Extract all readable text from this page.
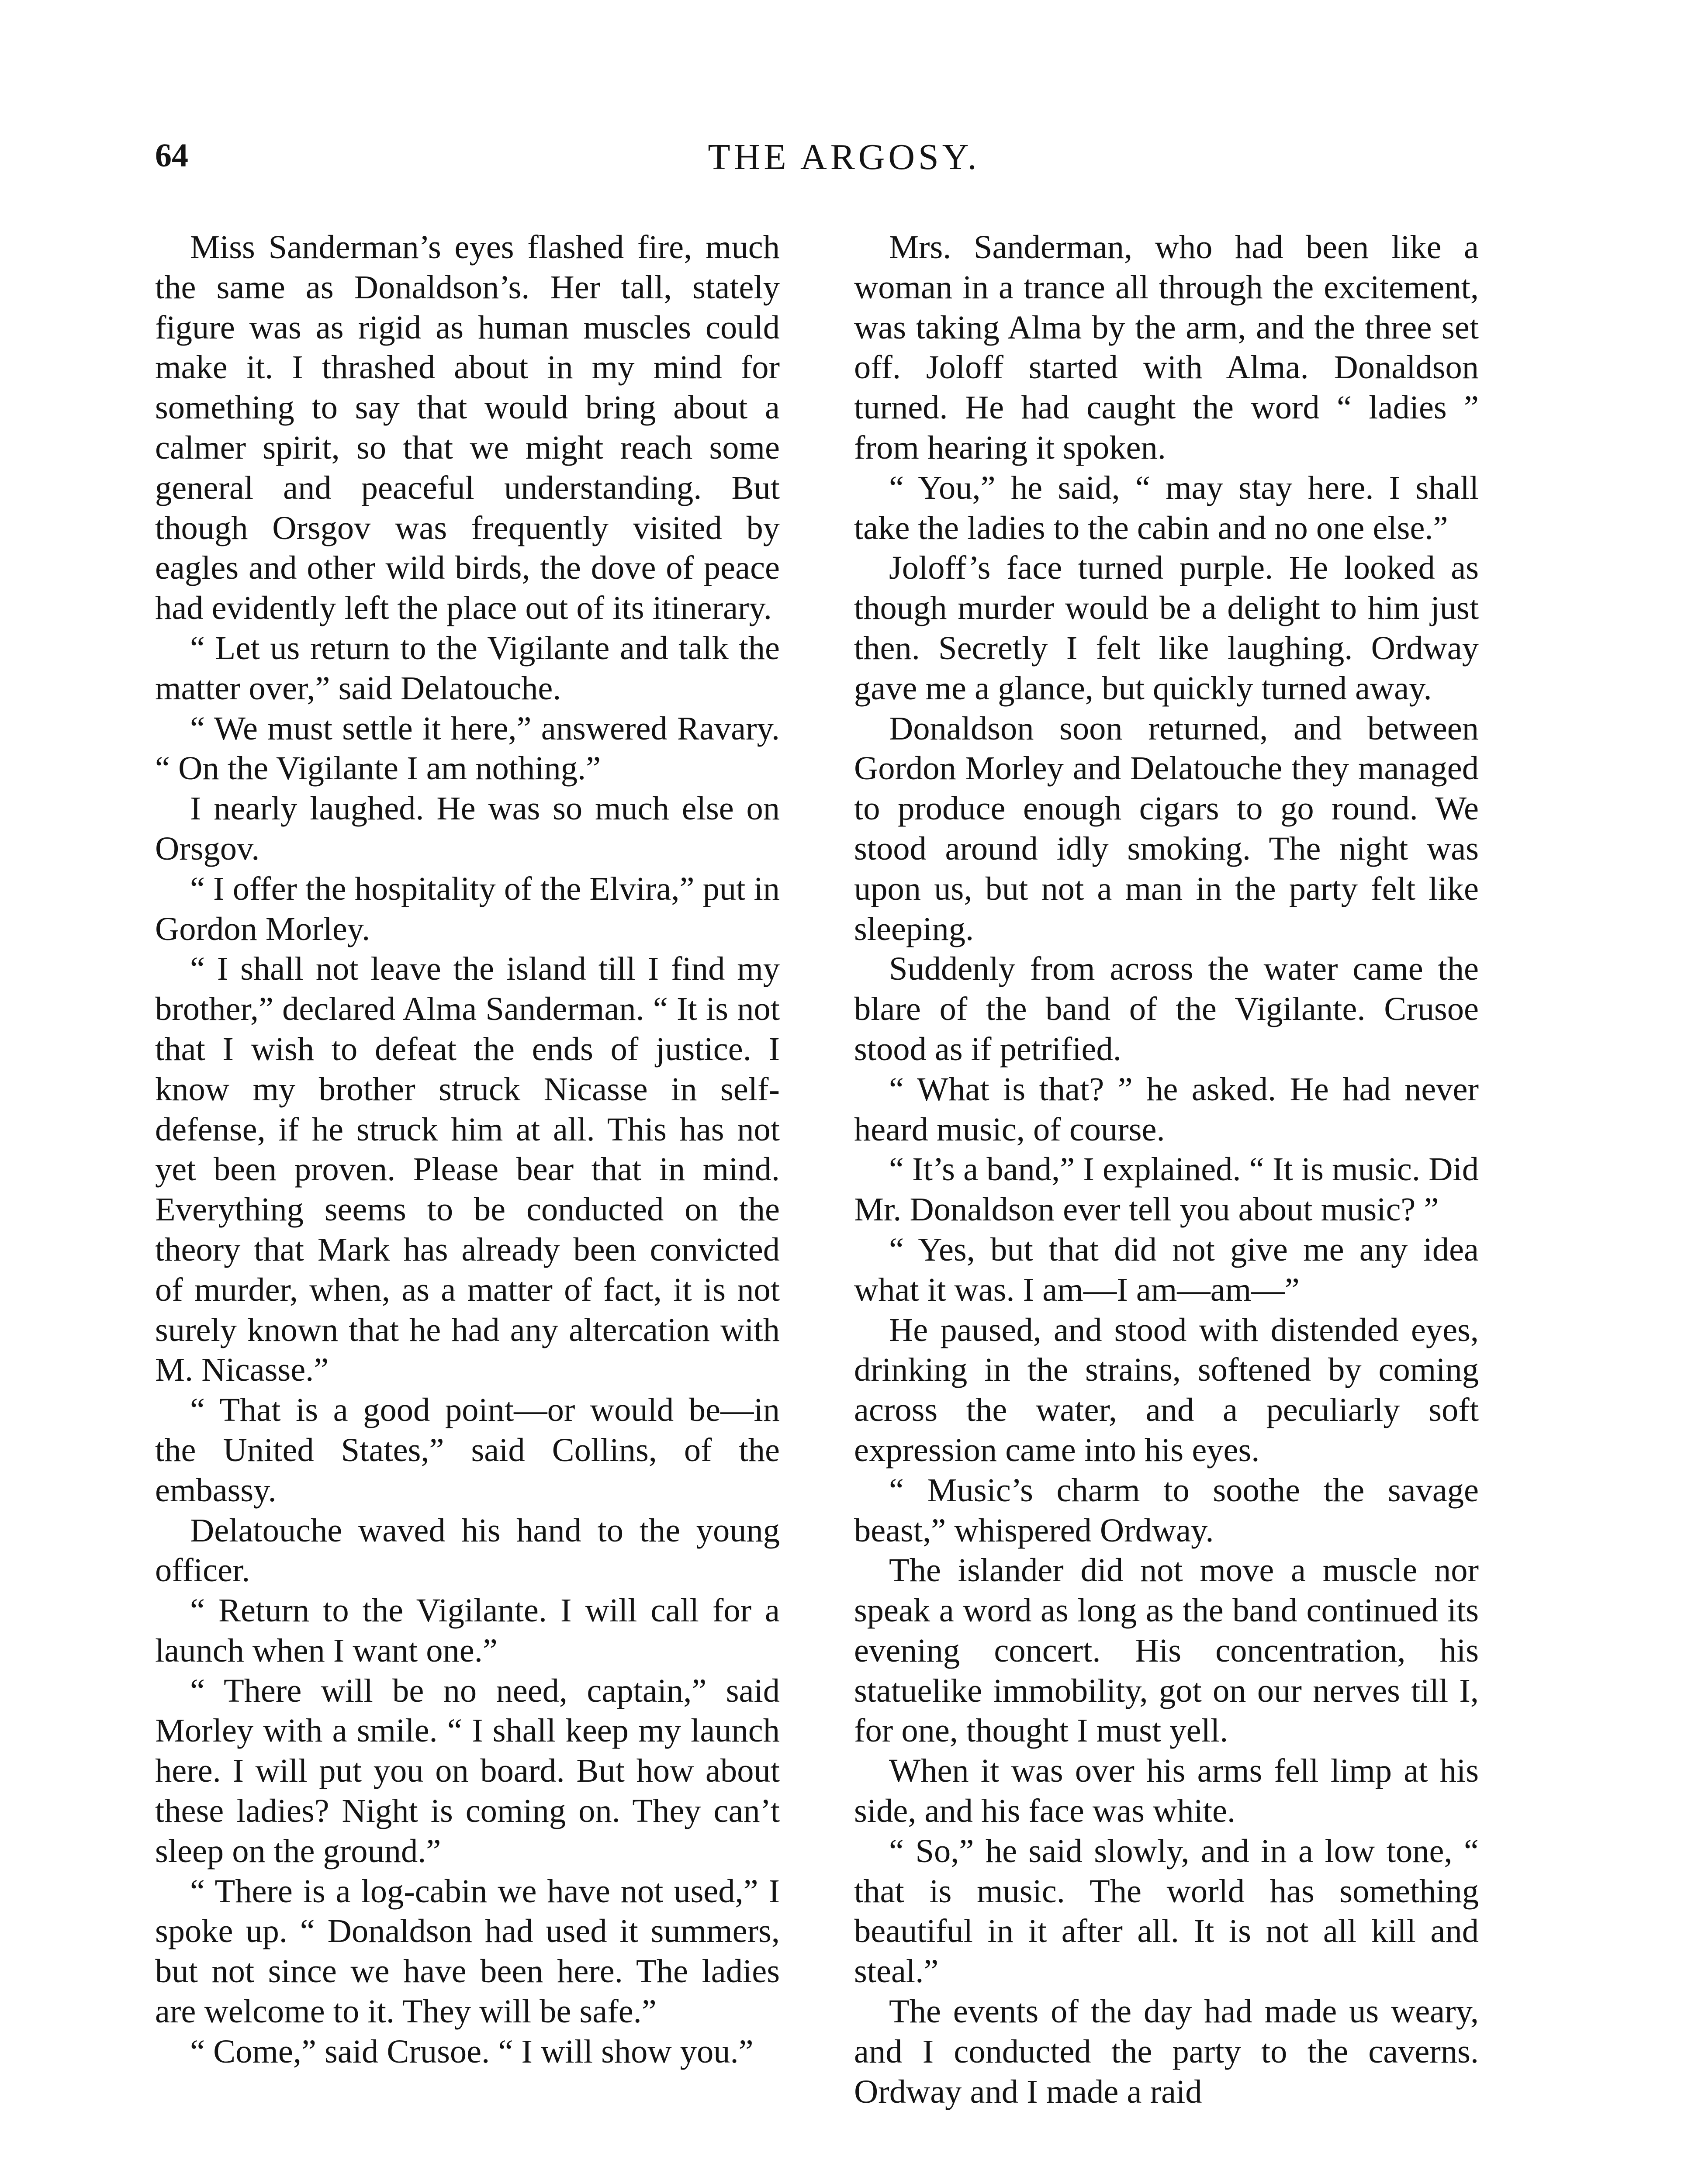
64	THE ARGOSY.

Miss Sanderman’s eyes flashed fire, much the same as Donaldson’s. Her tall, stately figure was as rigid as human muscles could make it. I thrashed about in my mind for something to say that would bring about a calmer spirit, so that we might reach some general and peaceful understanding. But though Orsgov was frequently visited by eagles and other wild birds, the dove of peace had evidently left the place out of its itinerary.

“ Let us return to the Vigilante and talk the matter over,” said Delatouche.

“ We must settle it here,” answered Ravary. “ On the Vigilante I am nothing.”

I nearly laughed. He was so much else on Orsgov.

“ I offer the hospitality of the Elvira,” put in Gordon Morley.

“ I shall not leave the island till I find my brother,” declared Alma Sanderman. “ It is not that I wish to defeat the ends of justice. I know my brother struck Nicasse in self-defense, if he struck him at all. This has not yet been proven. Please bear that in mind. Everything seems to be conducted on the theory that Mark has already been convicted of murder, when, as a matter of fact, it is not surely known that he had any altercation with M. Nicasse.”

“ That is a good point—or would be—in the United States,” said Collins, of the embassy.

Delatouche waved his hand to the young officer.

“ Return to the Vigilante. I will call for a launch when I want one.”

“ There will be no need, captain,” said Morley with a smile. “ I shall keep my launch here. I will put you on board. But how about these ladies? Night is coming on. They can’t sleep on the ground.”

“ There is a log-cabin we have not used,” I spoke up. “ Donaldson had used it summers, but not since we have been here. The ladies are welcome to it. They will be safe.”

“ Come,” said Crusoe. “ I will show you.”

Mrs. Sanderman, who had been like a woman in a trance all through the excitement, was taking Alma by the arm, and the three set off. Joloff started with Alma. Donaldson turned. He had caught the word “ ladies ” from hearing it spoken.

“ You,” he said, “ may stay here. I shall take the ladies to the cabin and no one else.”

Joloff’s face turned purple. He looked as though murder would be a delight to him just then. Secretly I felt like laughing. Ordway gave me a glance, but quickly turned away.

Donaldson soon returned, and between Gordon Morley and Delatouche they managed to produce enough cigars to go round. We stood around idly smoking. The night was upon us, but not a man in the party felt like sleeping.

Suddenly from across the water came the blare of the band of the Vigilante. Crusoe stood as if petrified.

“ What is that? ” he asked. He had never heard music, of course.

“ It’s a band,” I explained. “ It is music. Did Mr. Donaldson ever tell you about music? ”

“ Yes, but that did not give me any idea what it was. I am—I am—am—”

He paused, and stood with distended eyes, drinking in the strains, softened by coming across the water, and a peculiarly soft expression came into his eyes.

“ Music’s charm to soothe the savage beast,” whispered Ordway.

The islander did not move a muscle nor speak a word as long as the band continued its evening concert. His concentration, his statuelike immobility, got on our nerves till I, for one, thought I must yell.

When it was over his arms fell limp at his side, and his face was white.

“ So,” he said slowly, and in a low tone, “ that is music. The world has something beautiful in it after all. It is not all kill and steal.”

The events of the day had made us weary, and I conducted the party to the caverns. Ordway and I made a raid
